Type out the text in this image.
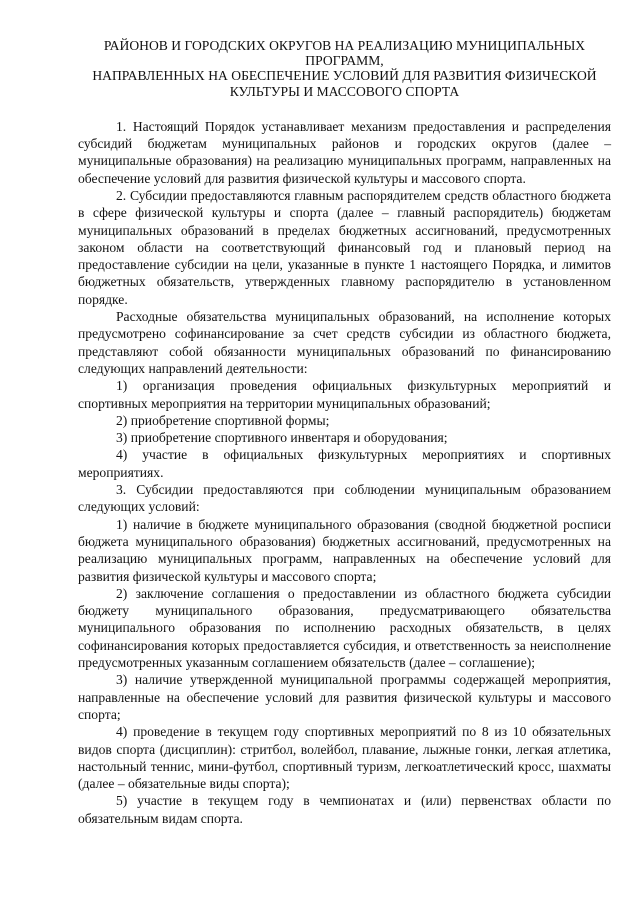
РАЙОНОВ И ГОРОДСКИХ ОКРУГОВ НА РЕАЛИЗАЦИЮ МУНИЦИПАЛЬНЫХ ПРОГРАММ,
НАПРАВЛЕННЫХ НА ОБЕСПЕЧЕНИЕ УСЛОВИЙ ДЛЯ РАЗВИТИЯ ФИЗИЧЕСКОЙ
КУЛЬТУРЫ И МАССОВОГО СПОРТА

1. Настоящий Порядок устанавливает механизм предоставления и распределения субсидий бюджетам муниципальных районов и городских округов (далее – муниципальные образования) на реализацию муниципальных программ, направленных на обеспечение условий для развития физической культуры и массового спорта.

2. Субсидии предоставляются главным распорядителем средств областного бюджета в сфере физической культуры и спорта (далее – главный распорядитель) бюджетам муниципальных образований в пределах бюджетных ассигнований, предусмотренных законом области на соответствующий финансовый год и плановый период на предоставление субсидии на цели, указанные в пункте 1 настоящего Порядка, и лимитов бюджетных обязательств, утвержденных главному распорядителю в установленном порядке.

Расходные обязательства муниципальных образований, на исполнение которых предусмотрено софинансирование за счет средств субсидии из областного бюджета, представляют собой обязанности муниципальных образований по финансированию следующих направлений деятельности:

1) организация проведения официальных физкультурных мероприятий и спортивных мероприятия на территории муниципальных образований;

2) приобретение спортивной формы;

3) приобретение спортивного инвентаря и оборудования;

4) участие в официальных физкультурных мероприятиях и спортивных мероприятиях.

3. Субсидии предоставляются при соблюдении муниципальным образованием следующих условий:

1) наличие в бюджете муниципального образования (сводной бюджетной росписи бюджета муниципального образования) бюджетных ассигнований, предусмотренных на реализацию муниципальных программ, направленных на обеспечение условий для развития физической культуры и массового спорта;

2) заключение соглашения о предоставлении из областного бюджета субсидии бюджету муниципального образования, предусматривающего обязательства муниципального образования по исполнению расходных обязательств, в целях софинансирования которых предоставляется субсидия, и ответственность за неисполнение предусмотренных указанным соглашением обязательств (далее – соглашение);

3) наличие утвержденной муниципальной программы содержащей мероприятия, направленные на обеспечение условий для развития физической культуры и массового спорта;

4) проведение в текущем году спортивных мероприятий по 8 из 10 обязательных видов спорта (дисциплин): стритбол, волейбол, плавание, лыжные гонки, легкая атлетика, настольный теннис, мини-футбол, спортивный туризм, легкоатлетический кросс, шахматы (далее – обязательные виды спорта);

5) участие в текущем году в чемпионатах и (или) первенствах области по обязательным видам спорта.
